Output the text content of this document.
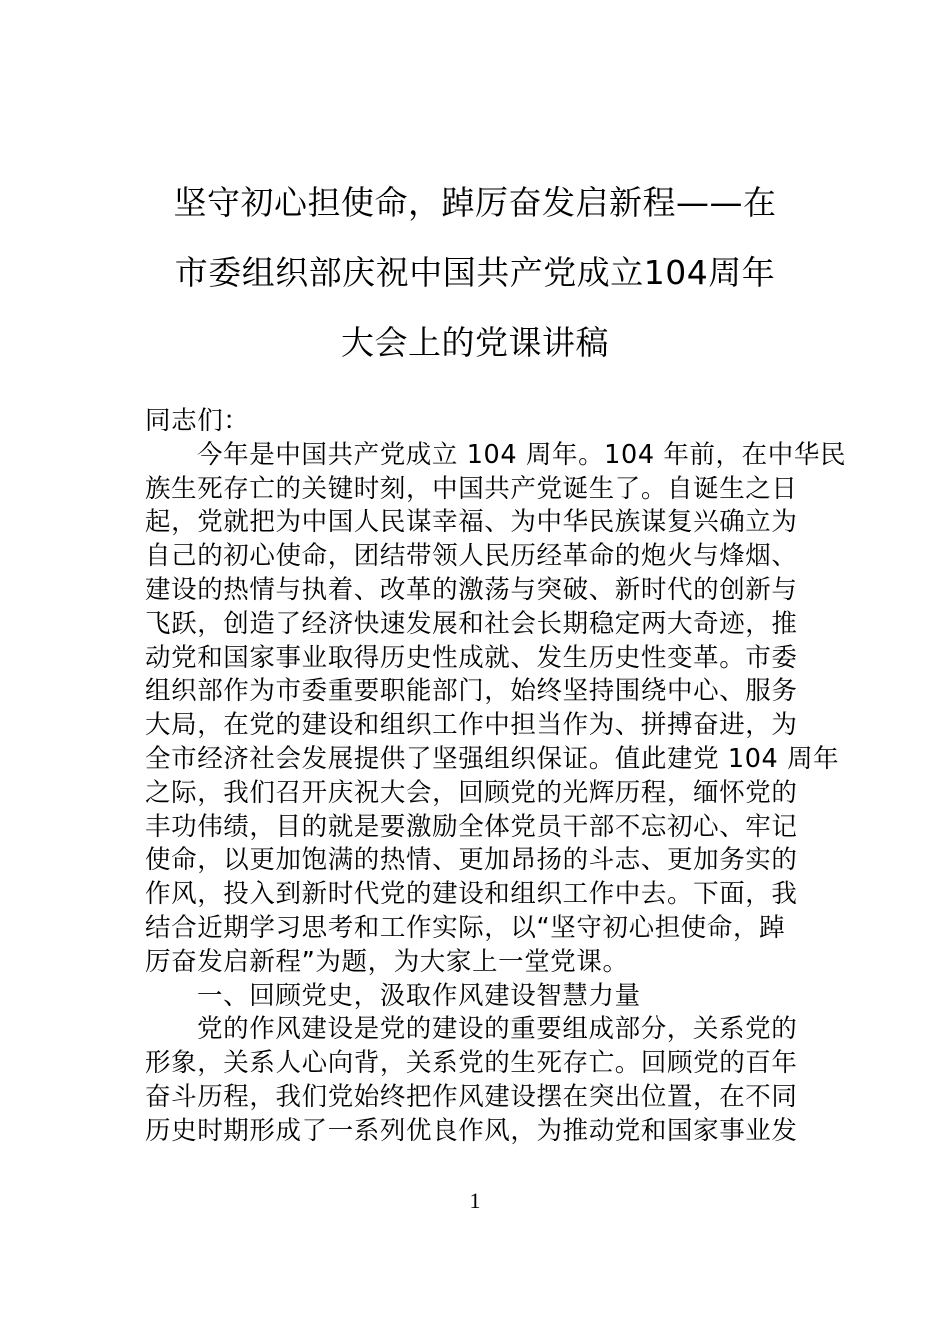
坚守初心担使命，踔厉奋发启新程——在
市委组织部庆祝中国共产党成立104周年
大会上的党课讲稿
同志们：
今年是中国共产党成立 104 周年。104 年前，在中华民
族生死存亡的关键时刻，中国共产党诞生了。自诞生之日
起，党就把为中国人民谋幸福、为中华民族谋复兴确立为
自己的初心使命，团结带领人民历经革命的炮火与烽烟、
建设的热情与执着、改革的激荡与突破、新时代的创新与
飞跃，创造了经济快速发展和社会长期稳定两大奇迹，推
动党和国家事业取得历史性成就、发生历史性变革。市委
组织部作为市委重要职能部门，始终坚持围绕中心、服务
大局，在党的建设和组织工作中担当作为、拼搏奋进，为
全市经济社会发展提供了坚强组织保证。值此建党 104 周年
之际，我们召开庆祝大会，回顾党的光辉历程，缅怀党的
丰功伟绩，目的就是要激励全体党员干部不忘初心、牢记
使命，以更加饱满的热情、更加昂扬的斗志、更加务实的
作风，投入到新时代党的建设和组织工作中去。下面，我
结合近期学习思考和工作实际，以“坚守初心担使命，踔
厉奋发启新程”为题，为大家上一堂党课。
一、回顾党史，汲取作风建设智慧力量
党的作风建设是党的建设的重要组成部分，关系党的
形象，关系人心向背，关系党的生死存亡。回顾党的百年
奋斗历程，我们党始终把作风建设摆在突出位置，在不同
历史时期形成了一系列优良作风，为推动党和国家事业发
1
